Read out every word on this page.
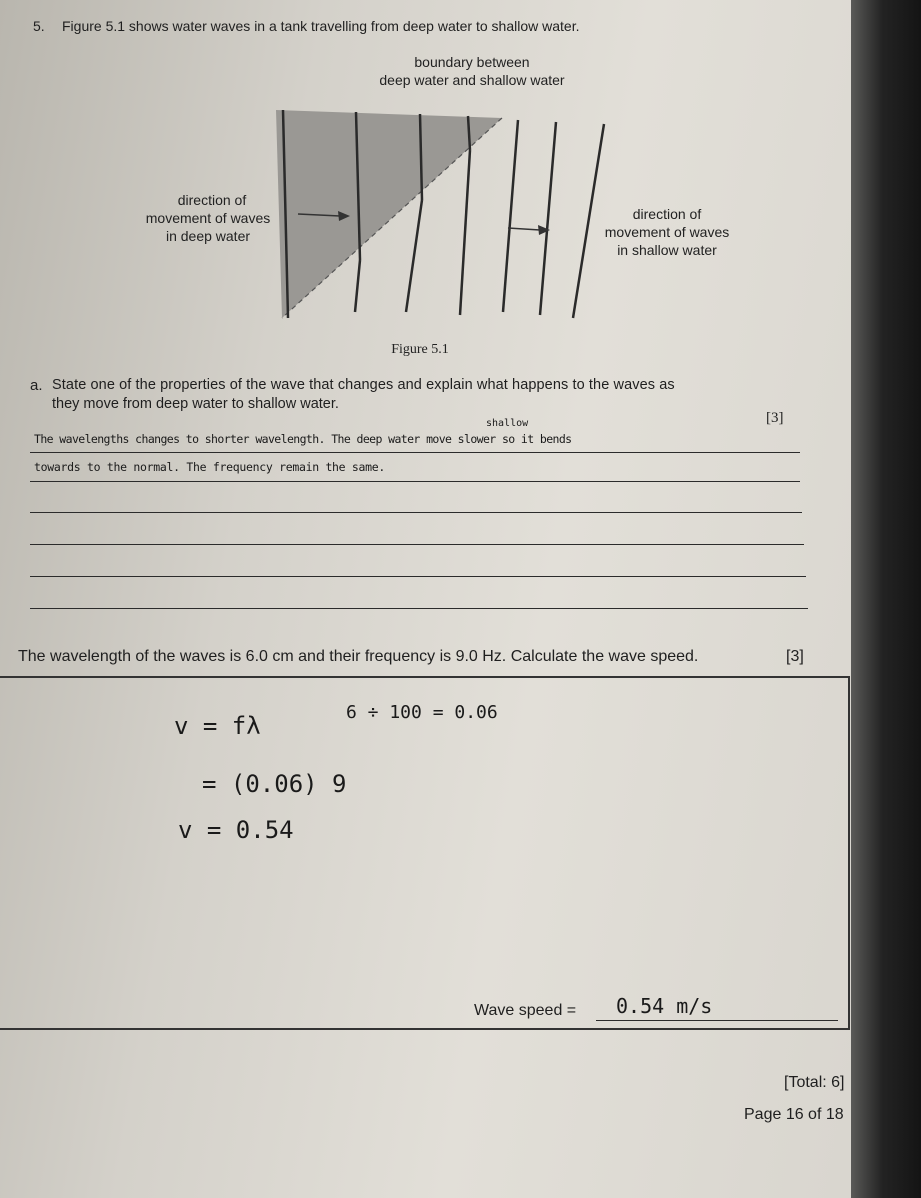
5. Figure 5.1 shows water waves in a tank travelling from deep water to shallow water.
boundary between
deep water and shallow water
direction of
movement of waves
in deep water
direction of
movement of waves
in shallow water
Figure 5.1
a. State one of the properties of the wave that changes and explain what happens to the waves as
they move from deep water to shallow water.
[3]
shallow
The wavelengths changes to shorter wavelength. The deep water move slower so it bends
towards to the normal. The frequency remain the same.
The wavelength of the waves is 6.0 cm and their frequency is 9.0 Hz. Calculate the wave speed.	[3]
v = fλ	6 ÷ 100 = 0.06
= (0.06) 9
v = 0.54
Wave speed = 0.54 m/s
[Total: 6]
Page 16 of 18
